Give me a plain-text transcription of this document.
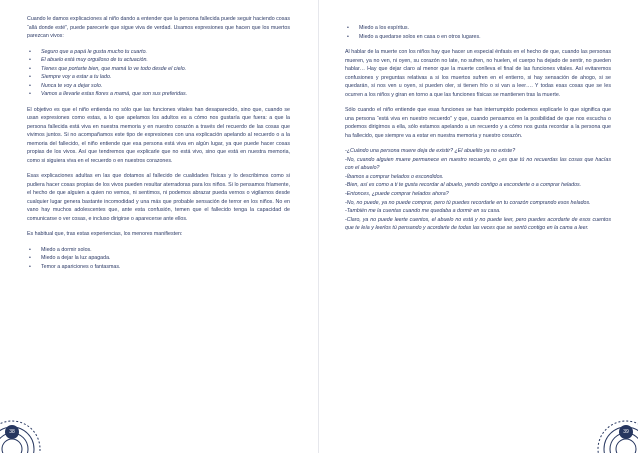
Cuando le damos explicaciones al niño dando a entender que la persona fallecida puede seguir haciendo cosas “allá donde esté”, puede parecerle que sigue viva de verdad. Usamos expresiones que hacen que los muertos parezcan vivos:

• Seguro que a papá le gusta mucho tu cuarto.
• El abuelo está muy orgulloso de tu actuación.
• Tienes que portarte bien, que mamá lo ve todo desde el cielo.
• Siempre voy a estar a tu lado.
• Nunca te voy a dejar solo.
• Vamos a llevarle estas flores a mamá, que son sus preferidas.

El objetivo es que el niño entienda no sólo que las funciones vitales han desaparecido, sino que, cuando se usan expresiones como estas, a lo que apelamos los adultos es a cómo nos gustaría que fuera: a que la persona fallecida está viva en nuestra memoria y en nuestro corazón a través del recuerdo de las cosas que vivimos juntos. Si no acompañamos este tipo de expresiones con una explicación apelando al recuerdo o a la memoria del fallecido, el niño entiende que esa persona está viva en algún lugar, ya que puede hacer cosas propias de los vivos. Así que tendremos que explicarle que no está vivo, sino que está en nuestra memoria, como si siguiera viva en el recuerdo o en nuestros corazones.

Esas explicaciones adultas en las que dotamos al fallecido de cualidades físicas y lo describimos como si pudiera hacer cosas propias de los vivos pueden resultar aterradoras para los niños. Si lo pensamos fríamente, el hecho de que alguien a quien no vemos, ni sentimos, ni podemos abrazar pueda vernos o vigilarnos desde cualquier lugar genera bastante incomodidad y una más que probable sensación de terror en los niños. No en vano hay muchos adolescentes que, ante esta confusión, temen que el fallecido tenga la capacidad de comunicarse o ver cosas, e incluso dirigirse o aparecerse ante ellos.

Es habitual que, tras estas experiencias, los menores manifiesten:

• Miedo a dormir solos.
• Miedo a dejar la luz apagada.
• Temor a apariciones o fantasmas.
38
• Miedo a los espíritus.
• Miedo a quedarse solos en casa o en otros lugares.

Al hablar de la muerte con los niños hay que hacer un especial énfasis en el hecho de que, cuando las personas mueren, ya no ven, ni oyen, su corazón no late, no sufren, no huelen, el cuerpo ha dejado de sentir, no pueden hablar… Hay que dejar claro al menor que la muerte conlleva el final de las funciones vitales. Así evitaremos confusiones y preguntas relativas a si los muertos sufren en el entierro, si hay sensación de ahogo, si se quedarán, si nos ven u oyen, si pueden oler, si tienen frío o si van a leer…. Y todas esas cosas que se les ocurren a los niños y giran en torno a que las funciones físicas se mantienen tras la muerte.

Sólo cuando el niño entiende que esas funciones se han interrumpido podemos explicarle lo que significa que una persona “está viva en nuestro recuerdo” y que, cuando pensamos en la posibilidad de que nos escucha o podemos dirigirnos a ella, sólo estamos apelando a un recuerdo y a cómo nos gusta recordar a la persona que ha fallecido, que siempre va a estar en nuestra memoria y nuestro corazón.

-¿Cuándo una persona muere deja de existir? ¿El abuelito ya no existe?

-No, cuando alguien muere permanece en nuestro recuerdo, o ¿es que tú no recuerdas las cosas que hacías con el abuelo?

-Íbamos a comprar helados o escondidos.

-Bien, así es como a ti te gusta recordar al abuelo, yendo contigo a esconderte o a comprar helados.

-Entonces, ¿puede comprar helados ahora?

-No, no puede, ya no puede comprar, pero tú puedes recordarle en tu corazón comprando esos helados.

-También me la cuentas cuando me quedaba a dormir en su casa.

-Claro, ya no puede leerte cuentos, el abuelo no está y no puede leer, pero puedes acordarte de esos cuentos que te leía y leerlos tú pensando y acordarte de todas las veces que se sentó contigo en la cama a leer.

39
